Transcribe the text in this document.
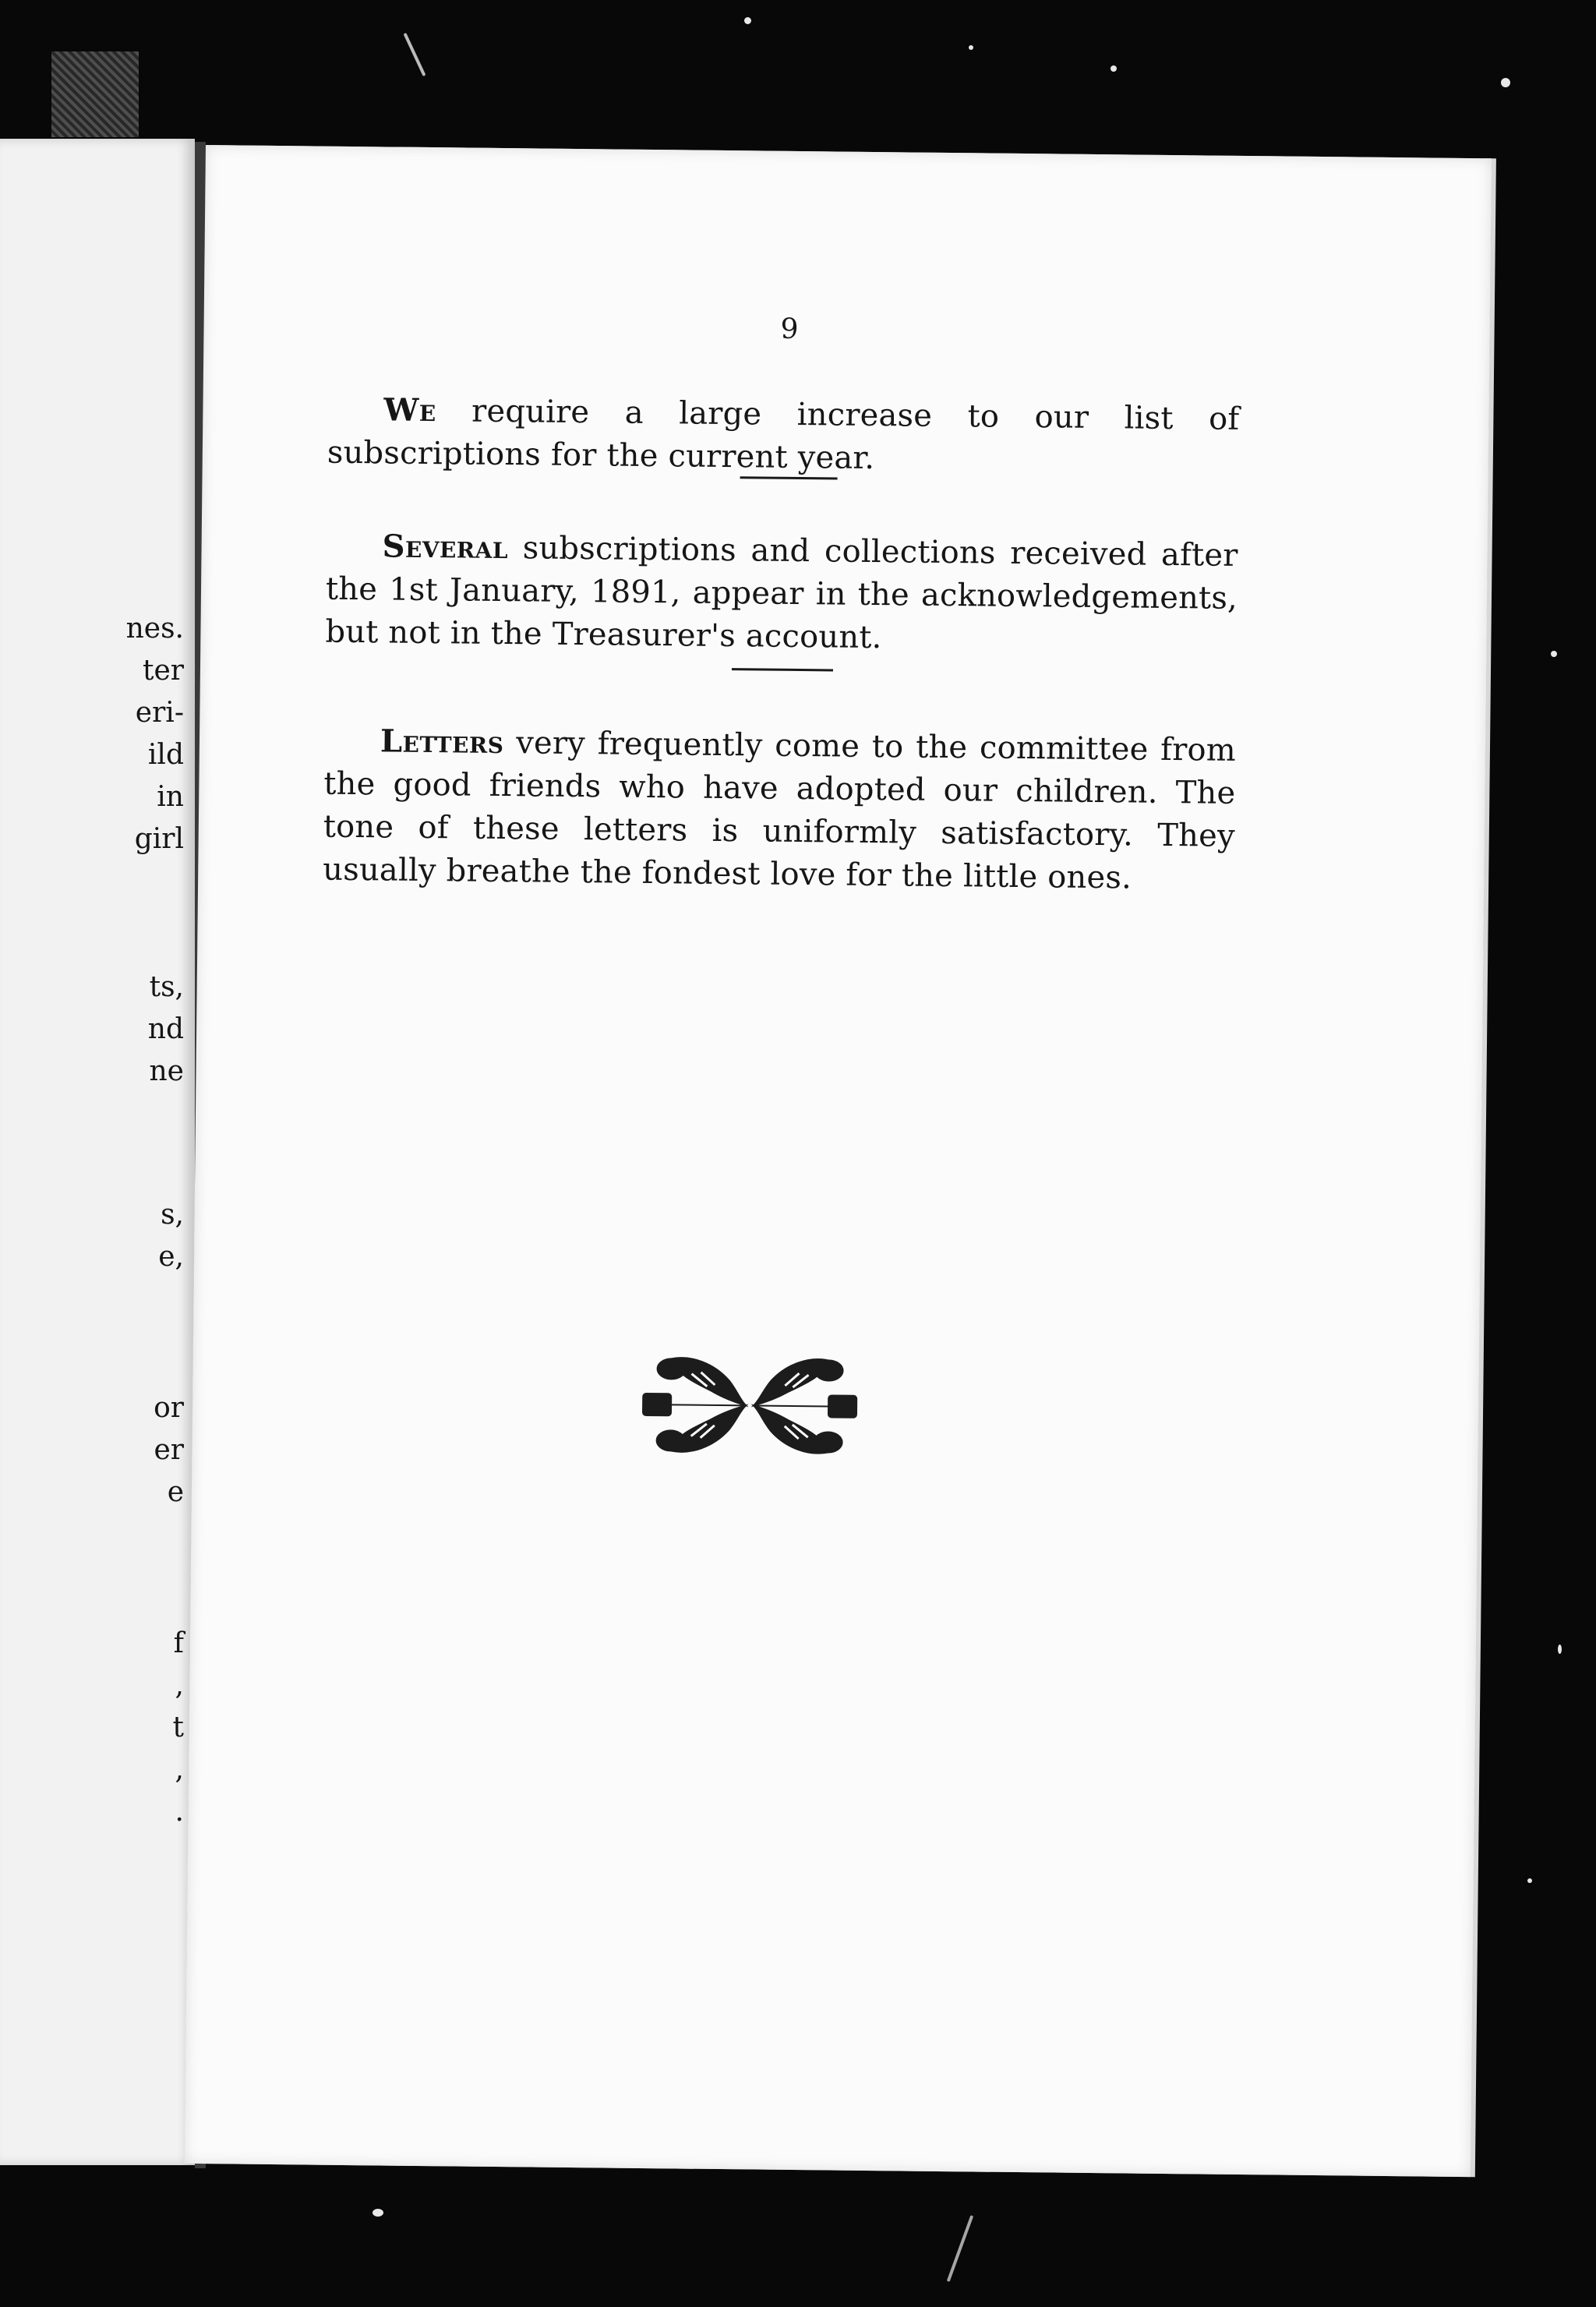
nes.
ter
eri-
ild
in
girl
ts,
nd
ne
s,
e,
or
er
e
f
,
t
,
.
9

We require a large increase to our list of subscriptions for the current year.

Several subscriptions and collections received after the 1st January, 1891, appear in the acknowledgements, but not in the Treasurer's account.

Letters very frequently come to the committee from the good friends who have adopted our children. The tone of these letters is uniformly satisfactory. They usually breathe the fondest love for the little ones.
